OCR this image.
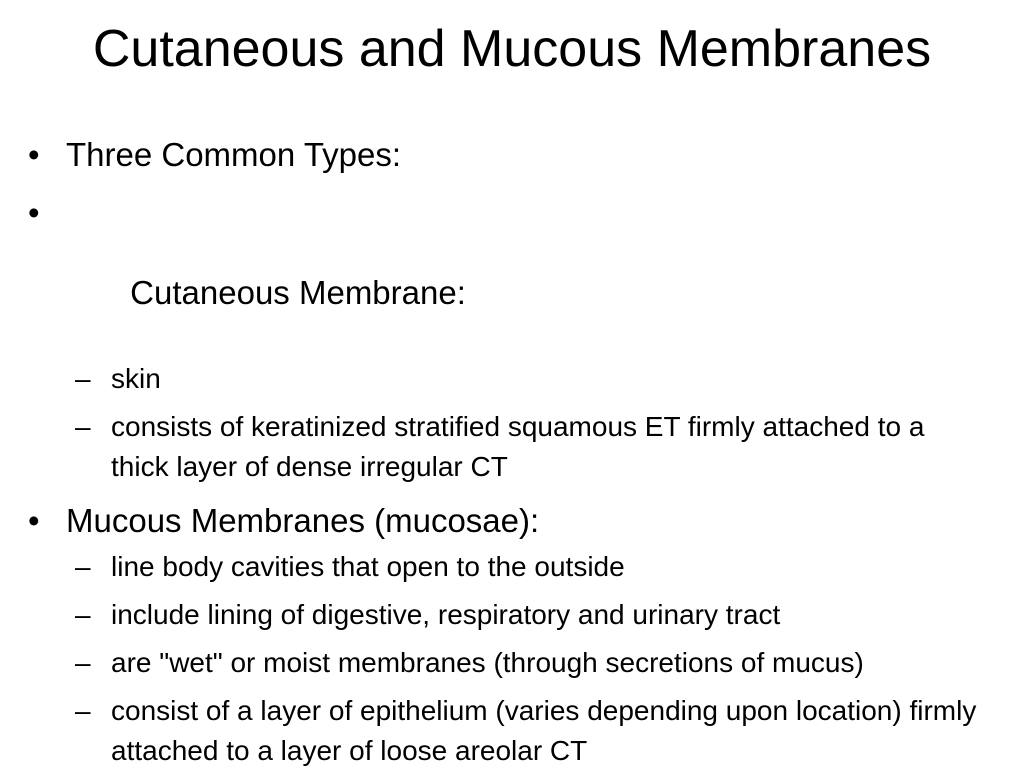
Cutaneous and Mucous Membranes
• Three Common Types:

•

Cutaneous Membrane:

– skin
– consists of keratinized stratified squamous ET firmly attached to a thick layer of dense irregular CT
• Mucous Membranes (mucosae):
– line body cavities that open to the outside
– include lining of digestive, respiratory and urinary tract
– are "wet" or moist membranes (through secretions of mucus)
– consist of a layer of epithelium (varies depending upon location) firmly attached to a layer of loose areolar CT
